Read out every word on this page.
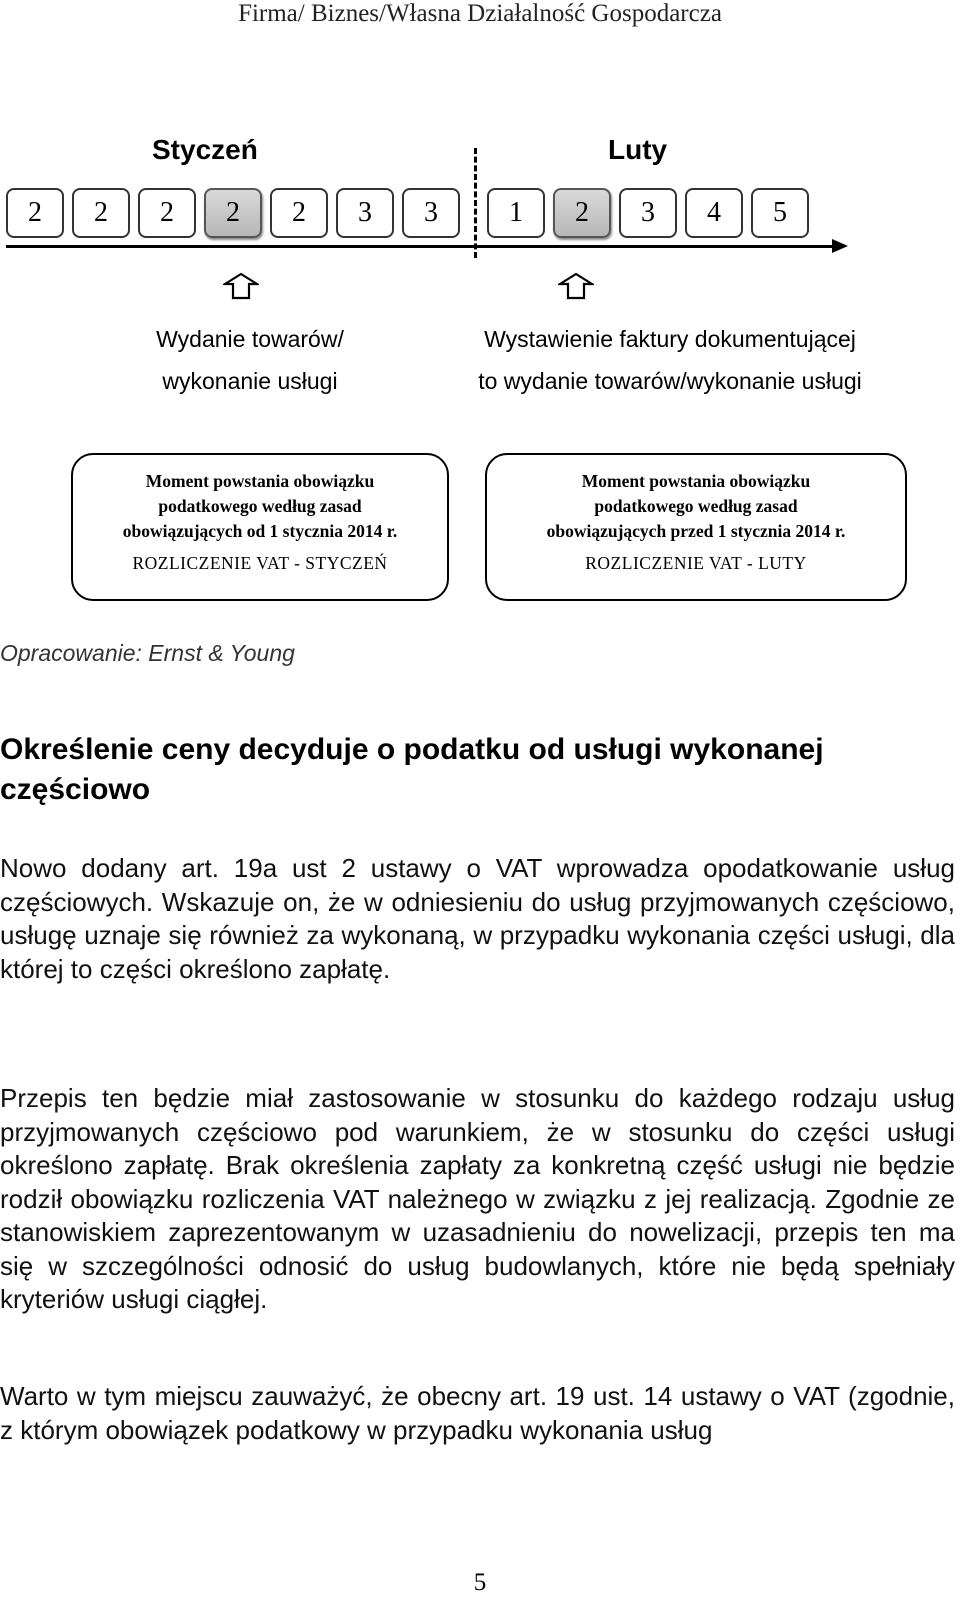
Firma/ Biznes/Własna Działalność Gospodarcza
Styczeń	Luty
2	2	2	2	2	3	3	1	2	3	4	5
Wydanie towarów/
wykonanie usługi
Wystawienie faktury dokumentującej
to wydanie towarów/wykonanie usługi
Moment powstania obowiązku
podatkowego według zasad
obowiązujących od 1 stycznia 2014 r.
ROZLICZENIE VAT - STYCZEŃ
Moment powstania obowiązku
podatkowego według zasad
obowiązujących przed 1 stycznia 2014 r.
ROZLICZENIE VAT - LUTY
Opracowanie: Ernst & Young
Określenie ceny decyduje o podatku od usługi wykonanej częściowo

Nowo dodany art. 19a ust 2 ustawy o VAT wprowadza opodatkowanie usług częściowych. Wskazuje on, że w odniesieniu do usług przyjmowanych częściowo, usługę uznaje się również za wykonaną, w przypadku wykonania części usługi, dla której to części określono zapłatę.

Przepis ten będzie miał zastosowanie w stosunku do każdego rodzaju usług przyjmowanych częściowo pod warunkiem, że w stosunku do części usługi określono zapłatę. Brak określenia zapłaty za konkretną część usługi nie będzie rodził obowiązku rozliczenia VAT należnego w związku z jej realizacją. Zgodnie ze stanowiskiem zaprezentowanym w uzasadnieniu do nowelizacji, przepis ten ma się w szczególności odnosić do usług budowlanych, które nie będą spełniały kryteriów usługi ciągłej.

Warto w tym miejscu zauważyć, że obecny art. 19 ust. 14 ustawy o VAT (zgodnie, z którym obowiązek podatkowy w przypadku wykonania usług

5
